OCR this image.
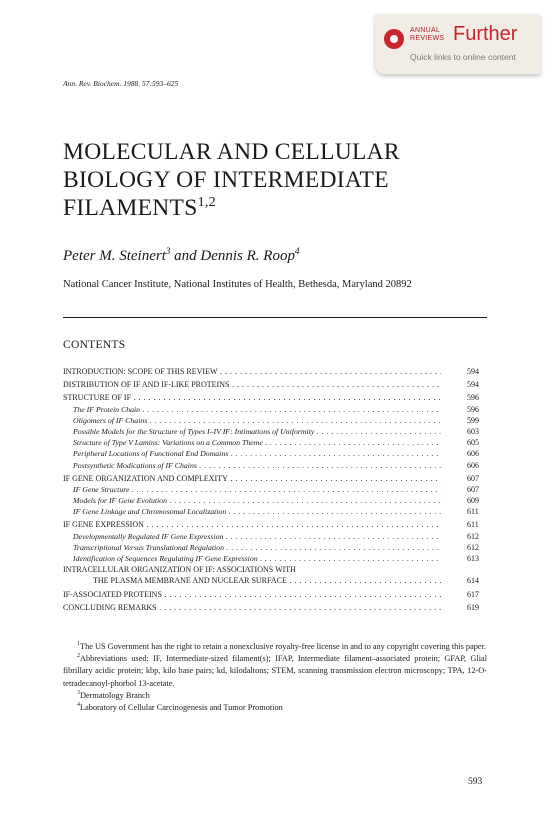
ANNUAL
REVIEWS Further
Quick links to online content
Ann. Rev. Biochem. 1988. 57:593–625
MOLECULAR AND CELLULAR
BIOLOGY OF INTERMEDIATE
FILAMENTS$^{1,2}$
Peter M. Steinert$^3$ and Dennis R. Roop$^4$
National Cancer Institute, National Institutes of Health, Bethesda, Maryland 20892
CONTENTS
INTRODUCTION: SCOPE OF THIS REVIEW . . .	594
DISTRIBUTION OF IF AND IF-LIKE PROTEINS . . .	594
STRUCTURE OF IF . . .	596
The IF Protein Chain . . .	596
Oligomers of IF Chains . . .	599
Possible Models for the Structure of Types I–IV IF: Intimations of Uniformity . . .	603
Structure of Type V Lamins: Variations on a Common Theme . . .	605
Peripheral Locations of Functional End Domains . . .	606
Postsynthetic Modications of IF Chains . . .	606
IF GENE ORGANIZATION AND COMPLEXITY . . .	607
IF Gene Structure . . .	607
Models for IF Gene Evolution . . .	609
IF Gene Linkage and Chromosomal Localization . . .	611
IF GENE EXPRESSION . . .	611
Developmentally Regulated IF Gene Expression . . .	612
Transcriptional Versus Translational Regulation . . .	612
Identification of Sequences Regulating IF Gene Expression . . .	613
INTRACELLULAR ORGANIZATION OF IF: ASSOCIATIONS WITH
THE PLASMA MEMBRANE AND NUCLEAR SURFACE . . .	614
IF-ASSOCIATED PROTEINS . . .	617
CONCLUDING REMARKS . . .	619

$^1$The US Government has the right to retain a nonexclusive royalty-free license in and to any copyright covering this paper.

$^2$Abbreviations used: IF, Intermediate-sized filament(s); IFAP, Intermediate filament–associated protein; GFAP, Glial fibrillary acidic protein; kbp, kilo base pairs; kd, kilodaltons; STEM, scanning transmission electron microscopy; TPA, 12-O-tetradecanoyl-phorbol 13-acetate.

$^3$Dermatology Branch

$^4$Laboratory of Cellular Carcinogenesis and Tumor Promotion

593
